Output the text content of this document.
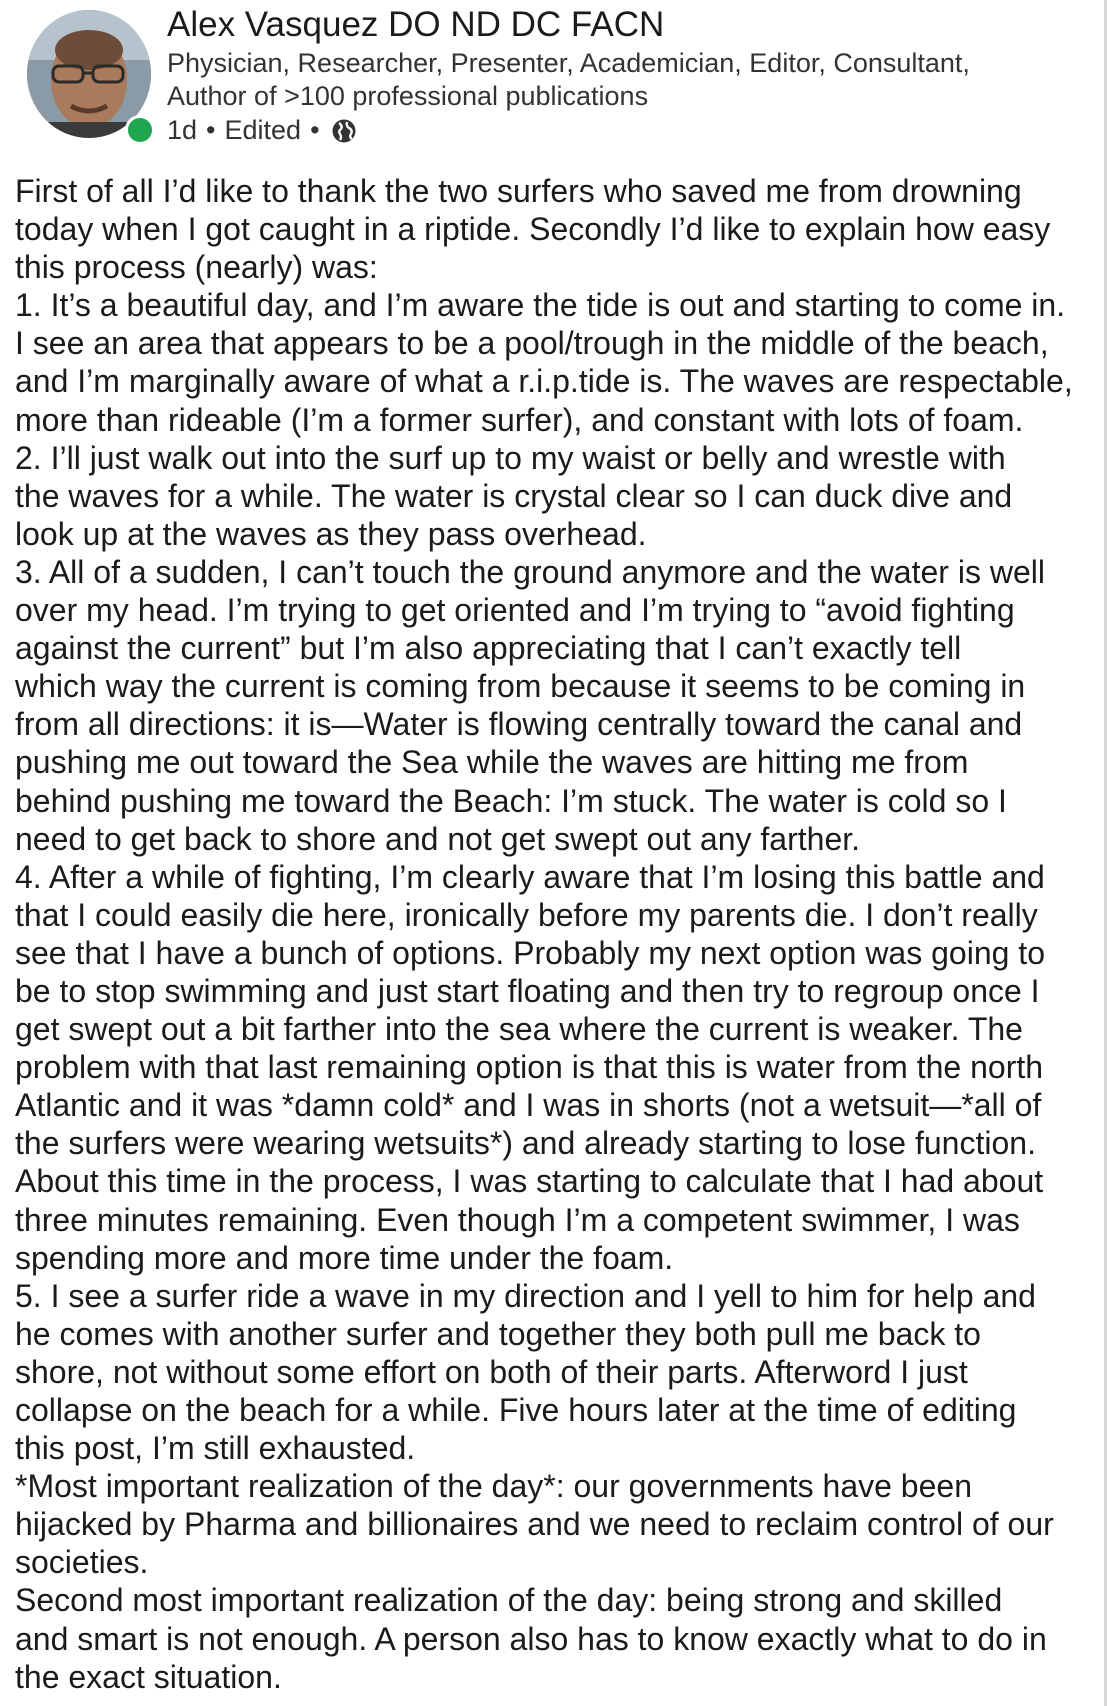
Alex Vasquez DO ND DC FACN
Physician, Researcher, Presenter, Academician, Editor, Consultant,
Author of >100 professional publications
1d • Edited •

First of all I’d like to thank the two surfers who saved me from drowning

today when I got caught in a riptide. Secondly I’d like to explain how easy

this process (nearly) was:

1. It’s a beautiful day, and I’m aware the tide is out and starting to come in.

I see an area that appears to be a pool/trough in the middle of the beach,

and I’m marginally aware of what a r.i.p.tide is. The waves are respectable,

more than rideable (I’m a former surfer), and constant with lots of foam.

2. I’ll just walk out into the surf up to my waist or belly and wrestle with

the waves for a while. The water is crystal clear so I can duck dive and

look up at the waves as they pass overhead.

3. All of a sudden, I can’t touch the ground anymore and the water is well

over my head. I’m trying to get oriented and I’m trying to “avoid fighting

against the current” but I’m also appreciating that I can’t exactly tell

which way the current is coming from because it seems to be coming in

from all directions: it is—Water is flowing centrally toward the canal and

pushing me out toward the Sea while the waves are hitting me from

behind pushing me toward the Beach: I’m stuck. The water is cold so I

need to get back to shore and not get swept out any farther.

4. After a while of fighting, I’m clearly aware that I’m losing this battle and

that I could easily die here, ironically before my parents die. I don’t really

see that I have a bunch of options. Probably my next option was going to

be to stop swimming and just start floating and then try to regroup once I

get swept out a bit farther into the sea where the current is weaker. The

problem with that last remaining option is that this is water from the north

Atlantic and it was *damn cold* and I was in shorts (not a wetsuit—*all of

the surfers were wearing wetsuits*) and already starting to lose function.

About this time in the process, I was starting to calculate that I had about

three minutes remaining. Even though I’m a competent swimmer, I was

spending more and more time under the foam.

5. I see a surfer ride a wave in my direction and I yell to him for help and

he comes with another surfer and together they both pull me back to

shore, not without some effort on both of their parts. Afterword I just

collapse on the beach for a while. Five hours later at the time of editing

this post, I’m still exhausted.

*Most important realization of the day*: our governments have been

hijacked by Pharma and billionaires and we need to reclaim control of our

societies.

Second most important realization of the day: being strong and skilled

and smart is not enough. A person also has to know exactly what to do in

the exact situation.
